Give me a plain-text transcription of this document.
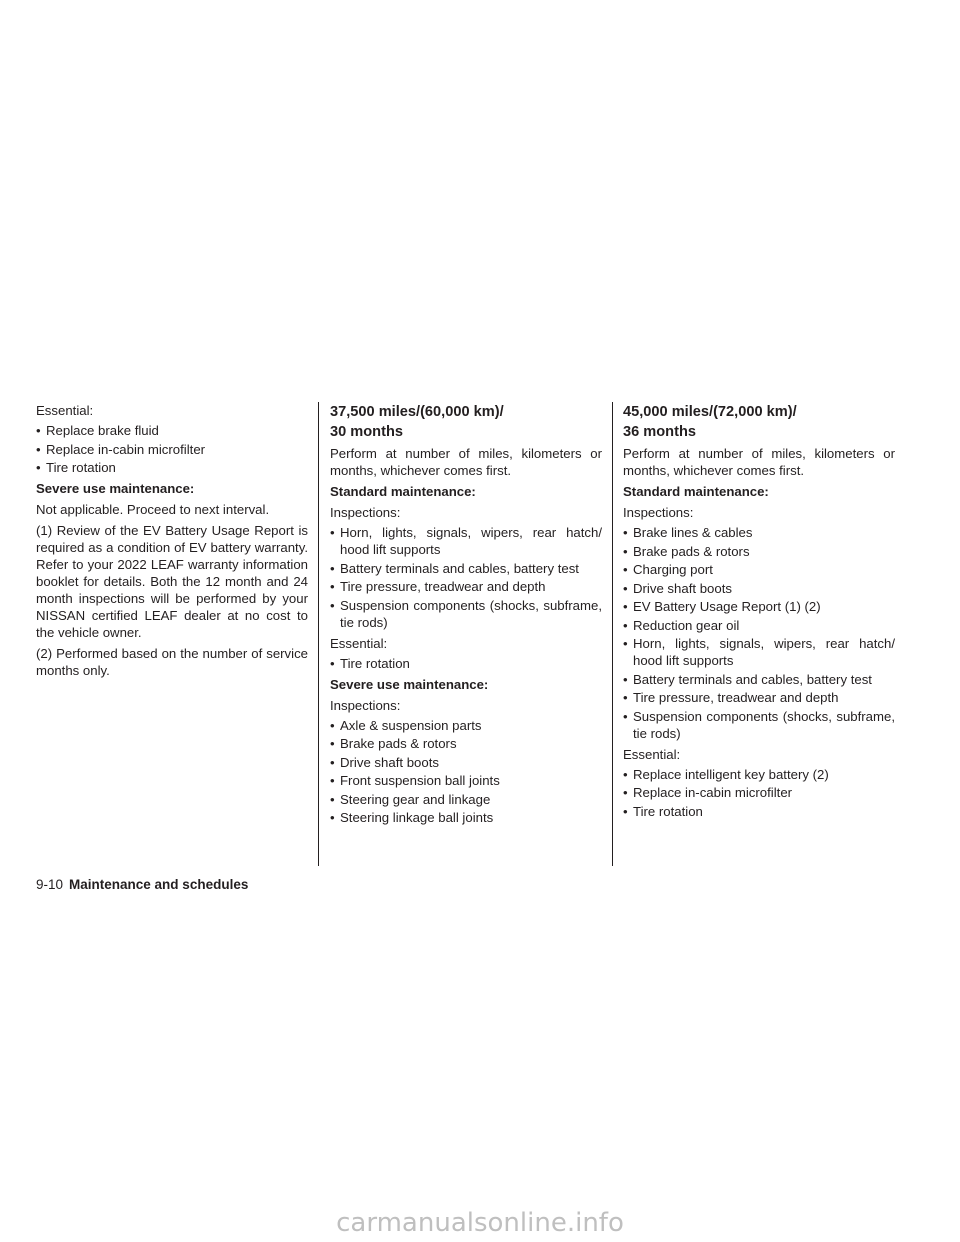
Essential:
• Replace brake fluid
• Replace in-cabin microfilter
• Tire rotation
Severe use maintenance:

Not applicable. Proceed to next interval.

(1) Review of the EV Battery Usage Report is required as a condition of EV battery warranty. Refer to your 2022 LEAF warranty information booklet for details. Both the 12 month and 24 month inspections will be performed by your NISSAN certified LEAF dealer at no cost to the vehicle owner.

(2) Performed based on the number of service months only.

37,500 miles/(60,000 km)/
30 months

Perform at number of miles, kilometers or months, whichever comes first.

Standard maintenance:
Inspections:
• Horn, lights, signals, wipers, rear hatch/ hood lift supports
• Battery terminals and cables, battery test
• Tire pressure, treadwear and depth
• Suspension components (shocks, subframe, tie rods)
Essential:
• Tire rotation
Severe use maintenance:
Inspections:
• Axle & suspension parts
• Brake pads & rotors
• Drive shaft boots
• Front suspension ball joints
• Steering gear and linkage
• Steering linkage ball joints
45,000 miles/(72,000 km)/
36 months

Perform at number of miles, kilometers or months, whichever comes first.

Standard maintenance:
Inspections:
• Brake lines & cables
• Brake pads & rotors
• Charging port
• Drive shaft boots
• EV Battery Usage Report (1) (2)
• Reduction gear oil
• Horn, lights, signals, wipers, rear hatch/ hood lift supports
• Battery terminals and cables, battery test
• Tire pressure, treadwear and depth
• Suspension components (shocks, subframe, tie rods)
Essential:
• Replace intelligent key battery (2)
• Replace in-cabin microfilter
• Tire rotation
9-10 Maintenance and schedules
carmanualsonline.info
